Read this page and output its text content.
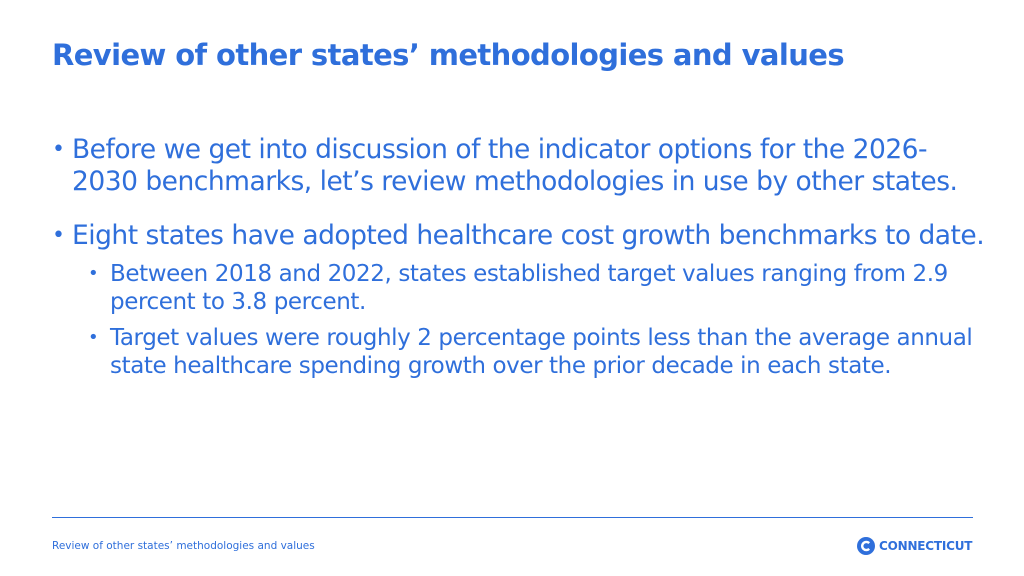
Review of other states’ methodologies and values
• Before we get into discussion of the indicator options for the 2026-2030 benchmarks, let’s review methodologies in use by other states.
• Eight states have adopted healthcare cost growth benchmarks to date.
• Between 2018 and 2022, states established target values ranging from 2.9 percent to 3.8 percent.
• Target values were roughly 2 percentage points less than the average annual state healthcare spending growth over the prior decade in each state.
Review of other states’ methodologies and values	CONNECTICUT
